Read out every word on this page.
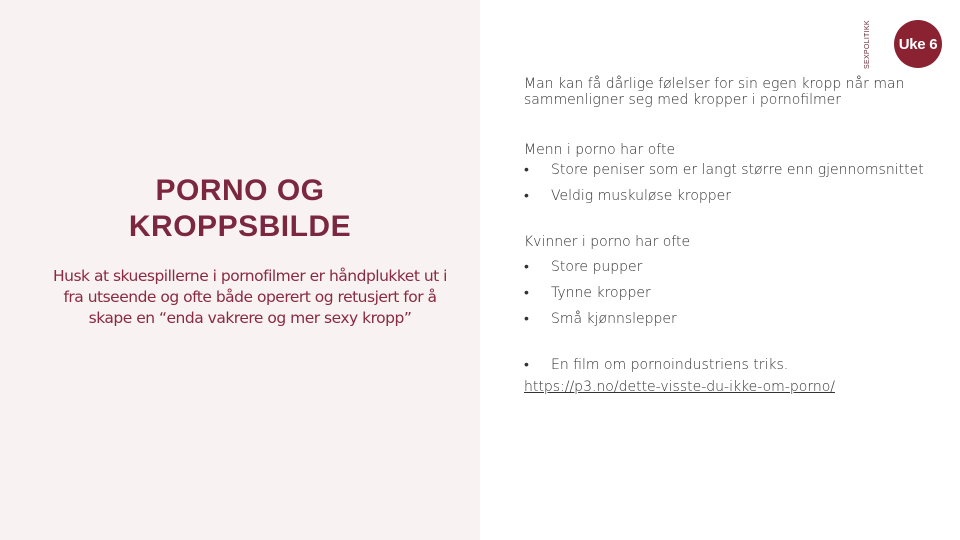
PORNO OG KROPPSBILDE

Husk at skuespillerne i pornofilmer er håndplukket ut i fra utseende og ofte både operert og retusjert for å skape en “enda vakrere og mer sexy kropp”

SEXPOLITIKK	Uke 6

Man kan få dårlige følelser for sin egen kropp når man sammenligner seg med kropper i pornofilmer

Menn i porno har ofte

• Store peniser som er langt større enn gjennomsnittet
• Veldig muskuløse kropper

Kvinner i porno har ofte

• Store pupper
• Tynne kropper
• Små kjønnslepper

• En film om pornoindustriens triks.

https://p3.no/dette-visste-du-ikke-om-porno/
